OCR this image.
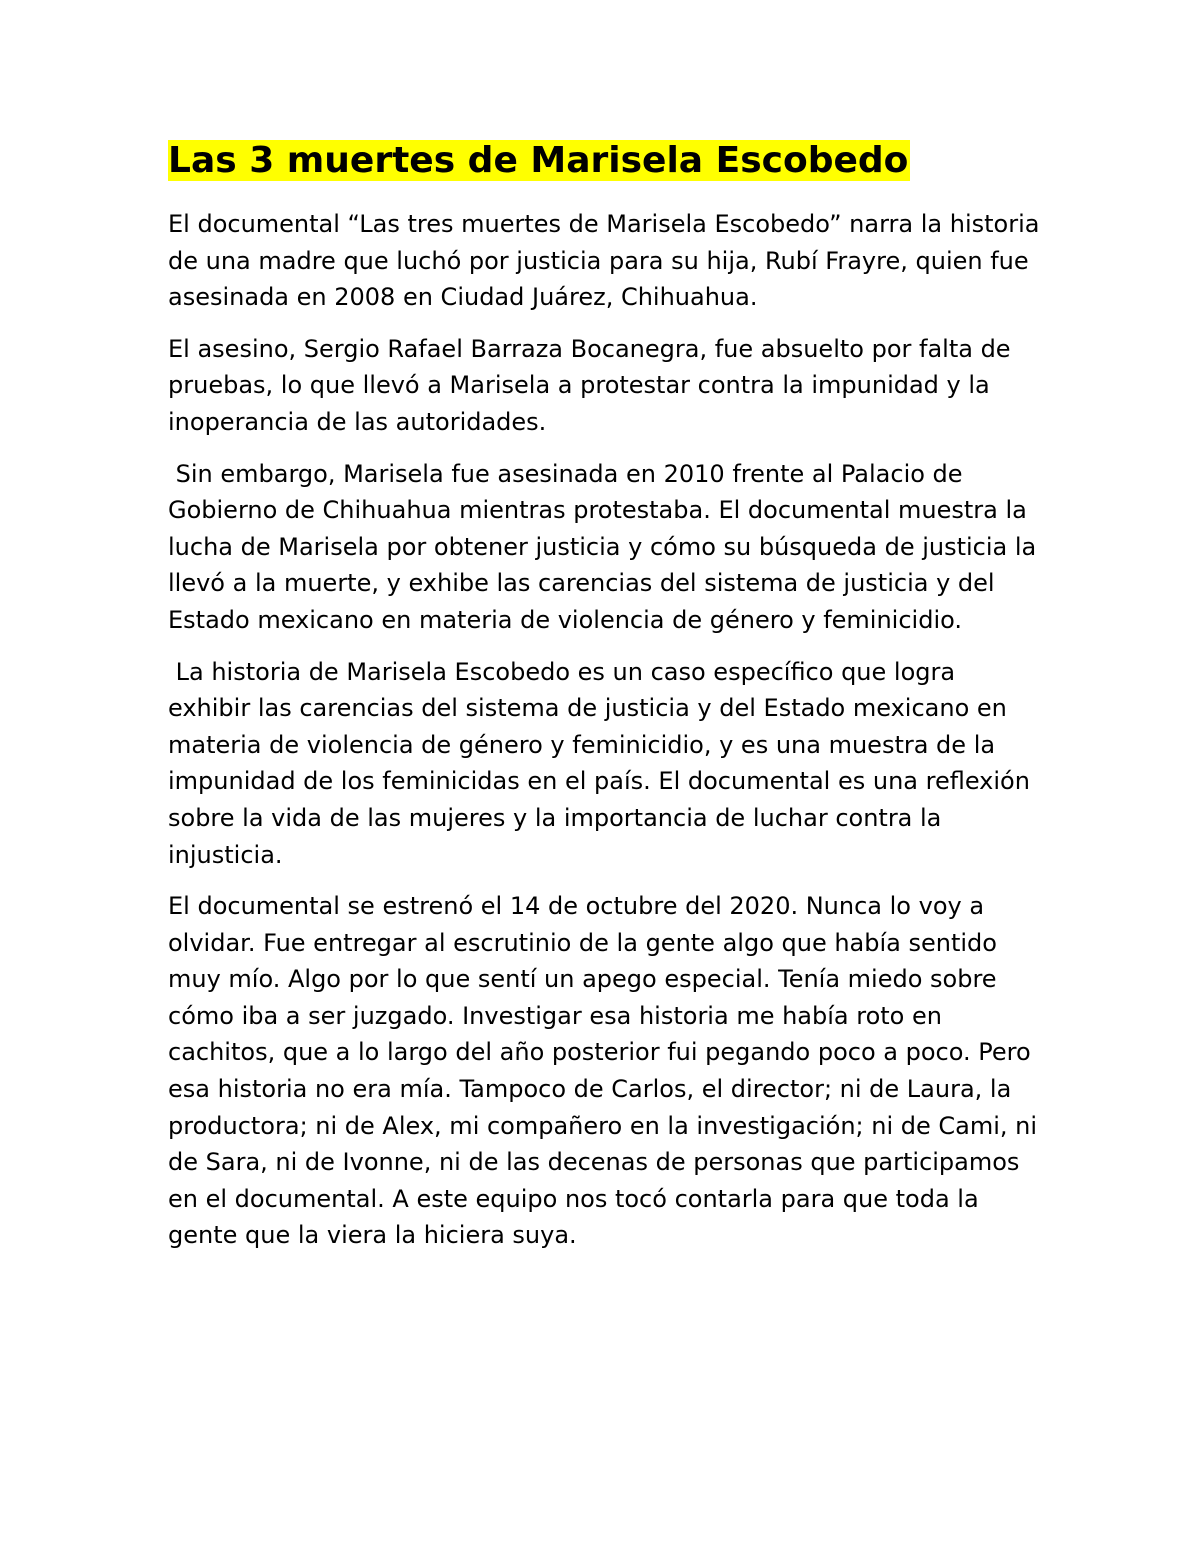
Las 3 muertes de Marisela Escobedo

El documental “Las tres muertes de Marisela Escobedo” narra la historia de una madre que luchó por justicia para su hija, Rubí Frayre, quien fue asesinada en 2008 en Ciudad Juárez, Chihuahua.

El asesino, Sergio Rafael Barraza Bocanegra, fue absuelto por falta de pruebas, lo que llevó a Marisela a protestar contra la impunidad y la inoperancia de las autoridades.

Sin embargo, Marisela fue asesinada en 2010 frente al Palacio de Gobierno de Chihuahua mientras protestaba. El documental muestra la lucha de Marisela por obtener justicia y cómo su búsqueda de justicia la llevó a la muerte, y exhibe las carencias del sistema de justicia y del Estado mexicano en materia de violencia de género y feminicidio.

La historia de Marisela Escobedo es un caso específico que logra exhibir las carencias del sistema de justicia y del Estado mexicano en materia de violencia de género y feminicidio, y es una muestra de la impunidad de los feminicidas en el país. El documental es una reflexión sobre la vida de las mujeres y la importancia de luchar contra la injusticia.

El documental se estrenó el 14 de octubre del 2020. Nunca lo voy a olvidar. Fue entregar al escrutinio de la gente algo que había sentido muy mío. Algo por lo que sentí un apego especial. Tenía miedo sobre cómo iba a ser juzgado. Investigar esa historia me había roto en cachitos, que a lo largo del año posterior fui pegando poco a poco. Pero esa historia no era mía. Tampoco de Carlos, el director; ni de Laura, la productora; ni de Alex, mi compañero en la investigación; ni de Cami, ni de Sara, ni de Ivonne, ni de las decenas de personas que participamos en el documental. A este equipo nos tocó contarla para que toda la gente que la viera la hiciera suya.
